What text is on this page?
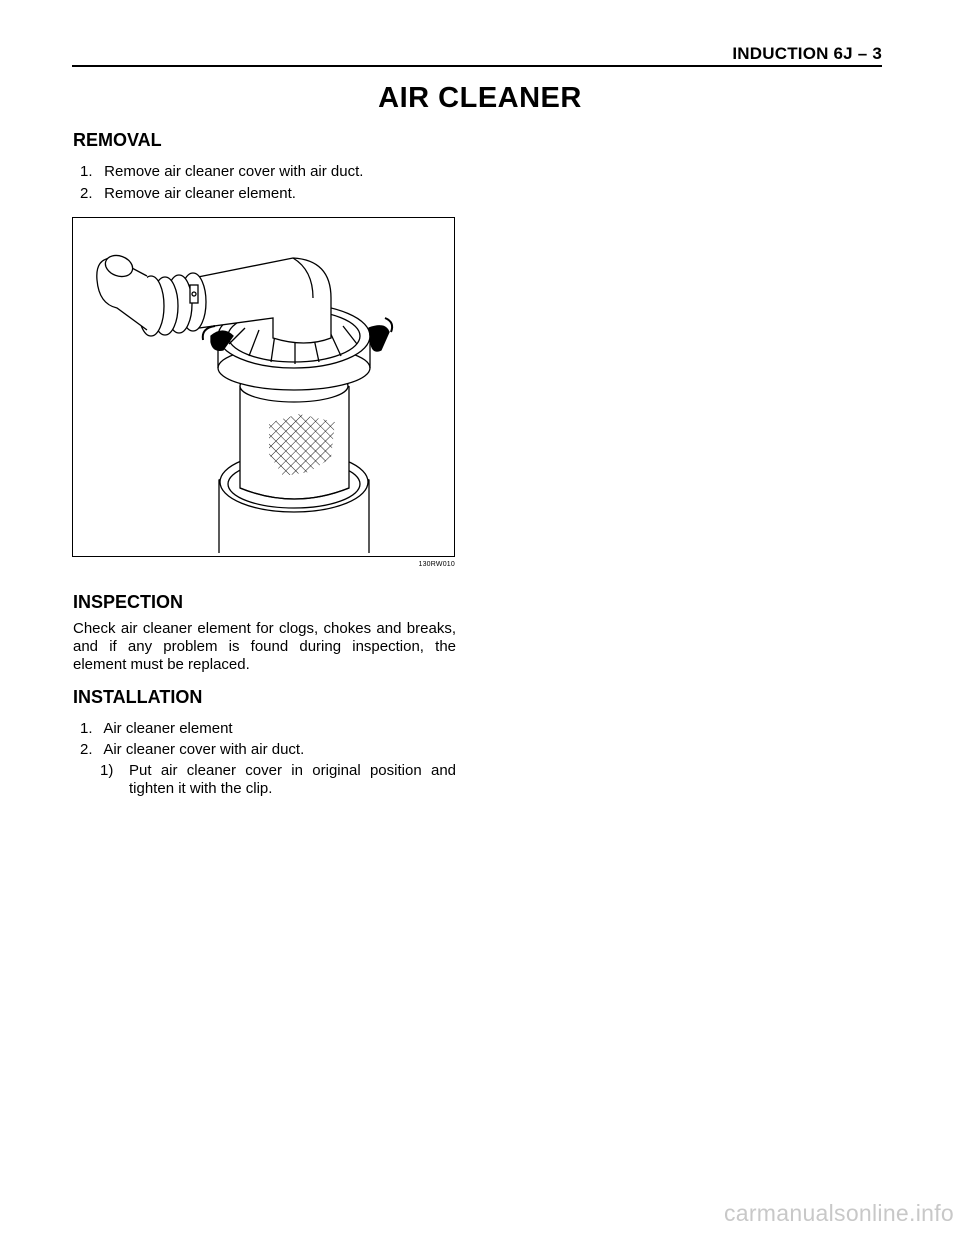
INDUCTION 6J – 3
AIR CLEANER
REMOVAL
1. Remove air cleaner cover with air duct.
2. Remove air cleaner element.
130RW010
INSPECTION
Check air cleaner element for clogs, chokes and breaks, and if any problem is found during inspection, the element must be replaced.
INSTALLATION
1. Air cleaner element
2. Air cleaner cover with air duct.
1)	Put air cleaner cover in original position and
tighten it with the clip.
carmanualsonline.info
